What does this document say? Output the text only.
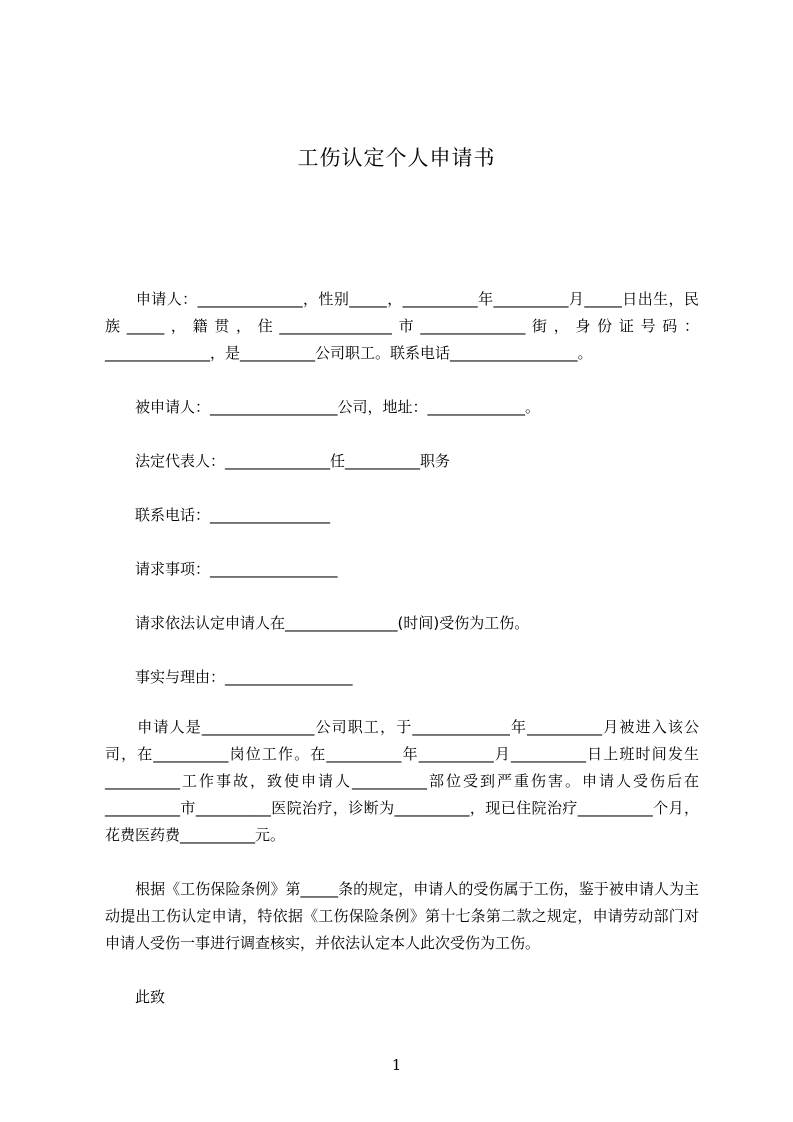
工伤认定个人申请书
　　申请人：______________，性别_____，__________年__________月_____日出生，民族_____，籍贯，住_______________市______________街，身份证号码：______________，是__________公司职工。联系电话_________________。
　　被申请人：_________________公司，地址：_____________。
　　法定代表人：______________任__________职务
　　联系电话：________________
　　请求事项：_________________
　　请求依法认定申请人在_______________(时间)受伤为工伤。
　　事实与理由：_________________
　　申请人是_______________公司职工，于_____________年__________月被进入该公司，在__________岗位工作。在__________年__________月__________日上班时间发生__________工作事故，致使申请人__________部位受到严重伤害。申请人受伤后在__________市__________医院治疗，诊断为__________，现已住院治疗__________个月，花费医药费__________元。
　　根据《工伤保险条例》第_____条的规定，申请人的受伤属于工伤，鉴于被申请人为主动提出工伤认定申请，特依据《工伤保险条例》第十七条第二款之规定，申请劳动部门对申请人受伤一事进行调查核实，并依法认定本人此次受伤为工伤。
　　此致
1
